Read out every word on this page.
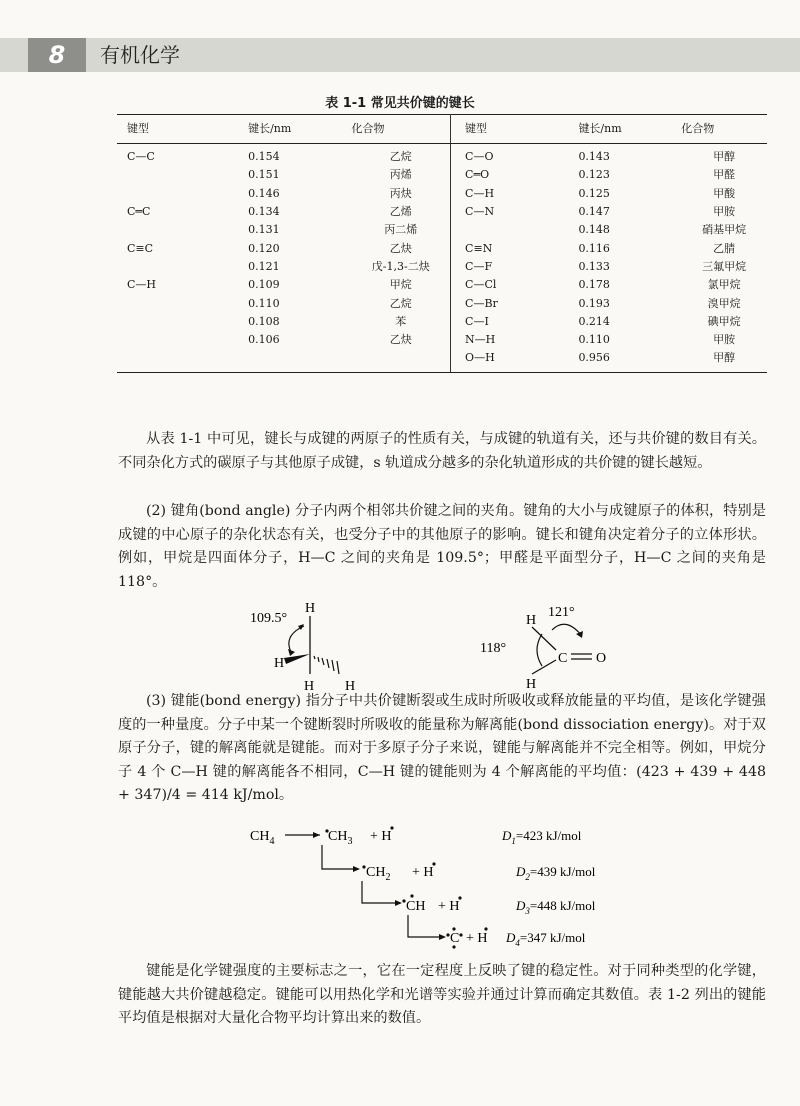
8	有机化学
表 1-1 常见共价键的键长
键型	键长/nm	化合物	键型	键长/nm	化合物
C—C	0.154	乙烷	C—O	0.143	甲醇
	0.151	丙烯	C═O	0.123	甲醛
	0.146	丙炔	C—H	0.125	甲酸
C═C	0.134	乙烯	C—N	0.147	甲胺
	0.131	丙二烯		0.148	硝基甲烷
C≡C	0.120	乙炔	C≡N	0.116	乙腈
	0.121	戊-1,3-二炔	C—F	0.133	三氟甲烷
C—H	0.109	甲烷	C—Cl	0.178	氯甲烷
	0.110	乙烷	C—Br	0.193	溴甲烷
	0.108	苯	C—I	0.214	碘甲烷
	0.106	乙炔	N—H	0.110	甲胺
			O—H	0.956	甲醇

从表 1-1 中可见，键长与成键的两原子的性质有关，与成键的轨道有关，还与共价键的数目有关。不同杂化方式的碳原子与其他原子成键，s 轨道成分越多的杂化轨道形成的共价键的键长越短。

(2) 键角(bond angle) 分子内两个相邻共价键之间的夹角。键角的大小与成键原子的体积，特别是成键的中心原子的杂化状态有关，也受分子中的其他原子的影响。键长和键角决定着分子的立体形状。例如，甲烷是四面体分子，H—C 之间的夹角是 109.5°；甲醛是平面型分子，H—C 之间的夹角是 118°。

109.5°
H
H
H H
121°
118°
H
H
C O

(3) 键能(bond energy) 指分子中共价键断裂或生成时所吸收或释放能量的平均值，是该化学键强度的一种量度。分子中某一个键断裂时所吸收的能量称为解离能(bond dissociation energy)。对于双原子分子，键的解离能就是键能。而对于多原子分子来说，键能与解离能并不完全相等。例如，甲烷分子 4 个 C—H 键的解离能各不相同，C—H 键的键能则为 4 个解离能的平均值：(423 + 439 + 448 + 347)/4 = 414 kJ/mol。

$CH_4$	$CH_3 + H$	$D_1=423$ kJ/mol
$CH_2 + H$	$D_2=439$ kJ/mol
CH + H	$D_3=448$ kJ/mol
C + H $D_4=347$ kJ/mol

键能是化学键强度的主要标志之一，它在一定程度上反映了键的稳定性。对于同种类型的化学键，键能越大共价键越稳定。键能可以用热化学和光谱等实验并通过计算而确定其数值。表 1-2 列出的键能平均值是根据对大量化合物平均计算出来的数值。
